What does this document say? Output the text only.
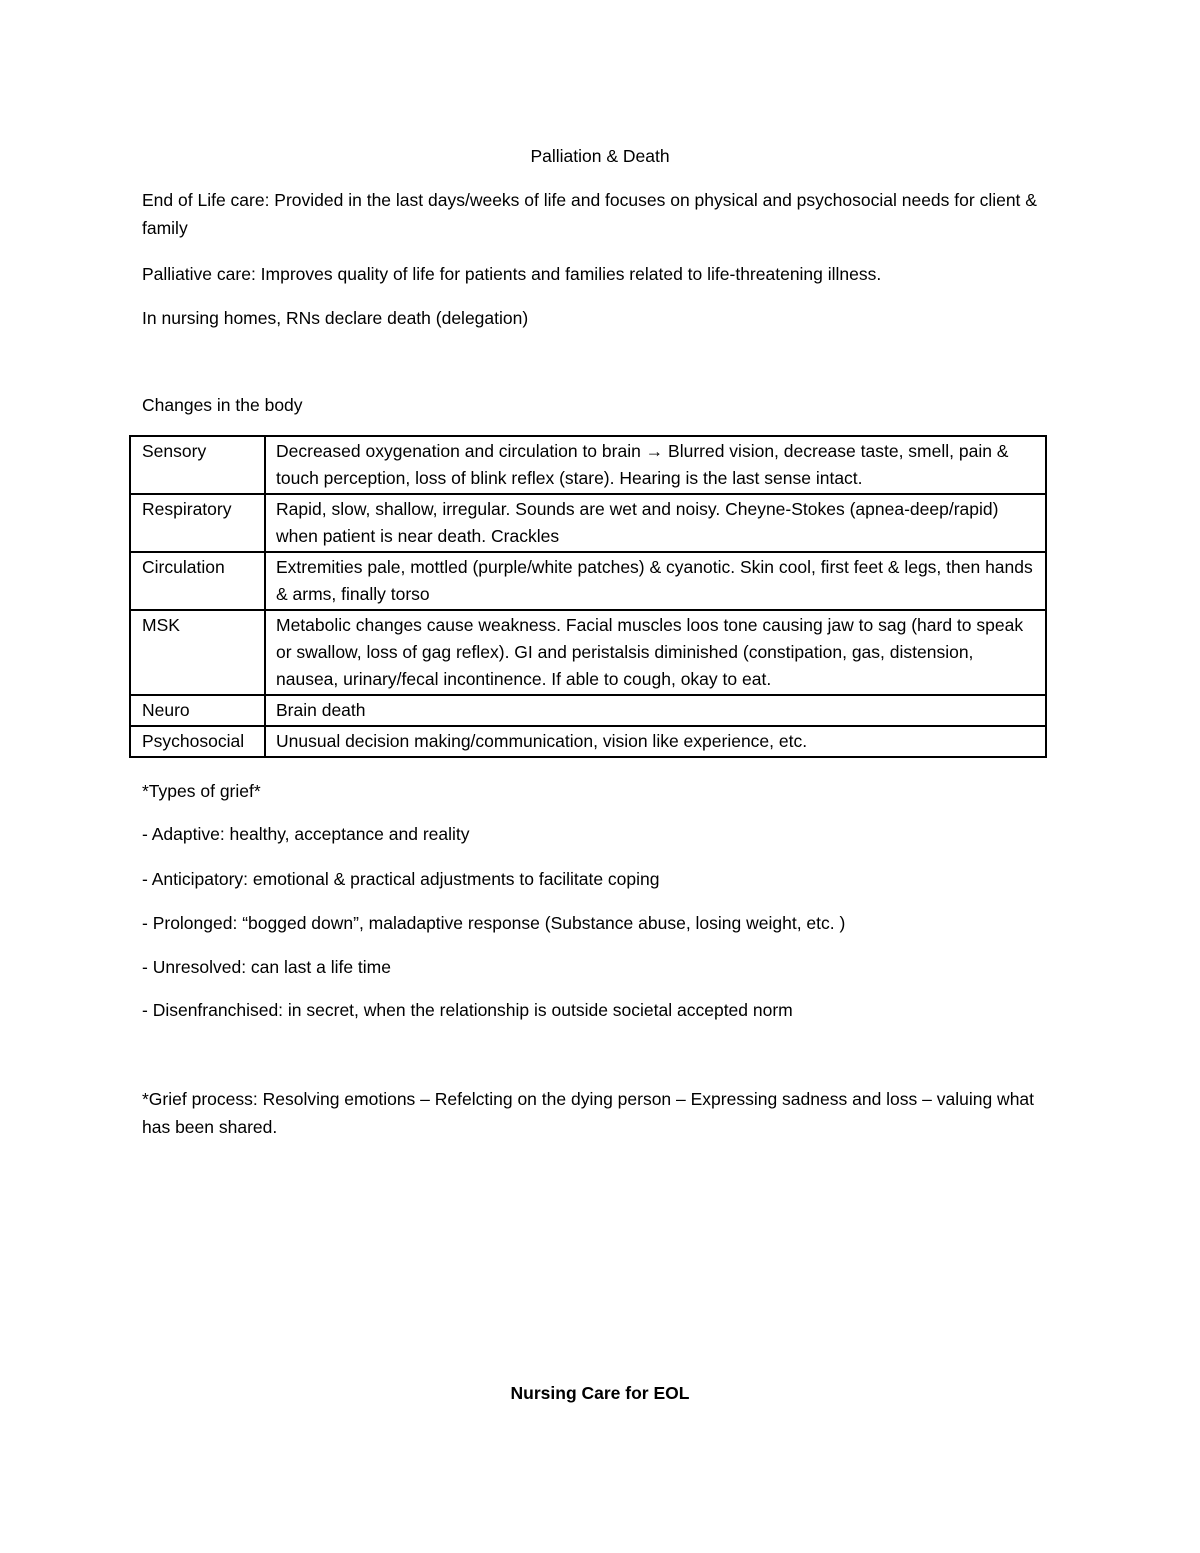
Palliation & Death
End of Life care: Provided in the last days/weeks of life and focuses on physical and psychosocial needs for client & family
Palliative care: Improves quality of life for patients and families related to life-threatening illness.
In nursing homes, RNs declare death (delegation)
Changes in the body
Sensory	Decreased oxygenation and circulation to brain → Blurred vision, decrease taste, smell, pain & touch perception, loss of blink reflex (stare). Hearing is the last sense intact.
Respiratory	Rapid, slow, shallow, irregular. Sounds are wet and noisy. Cheyne-Stokes (apnea-deep/rapid) when patient is near death. Crackles
Circulation	Extremities pale, mottled (purple/white patches) & cyanotic. Skin cool, first feet & legs, then hands & arms, finally torso
MSK	Metabolic changes cause weakness. Facial muscles loos tone causing jaw to sag (hard to speak or swallow, loss of gag reflex). GI and peristalsis diminished (constipation, gas, distension, nausea, urinary/fecal incontinence. If able to cough, okay to eat.
Neuro	Brain death
Psychosocial	Unusual decision making/communication, vision like experience, etc.
*Types of grief*
- Adaptive: healthy, acceptance and reality
- Anticipatory: emotional & practical adjustments to facilitate coping
- Prolonged: “bogged down”, maladaptive response (Substance abuse, losing weight, etc. )
- Unresolved: can last a life time
- Disenfranchised: in secret, when the relationship is outside societal accepted norm
*Grief process: Resolving emotions – Refelcting on the dying person – Expressing sadness and loss – valuing what has been shared.
Nursing Care for EOL
